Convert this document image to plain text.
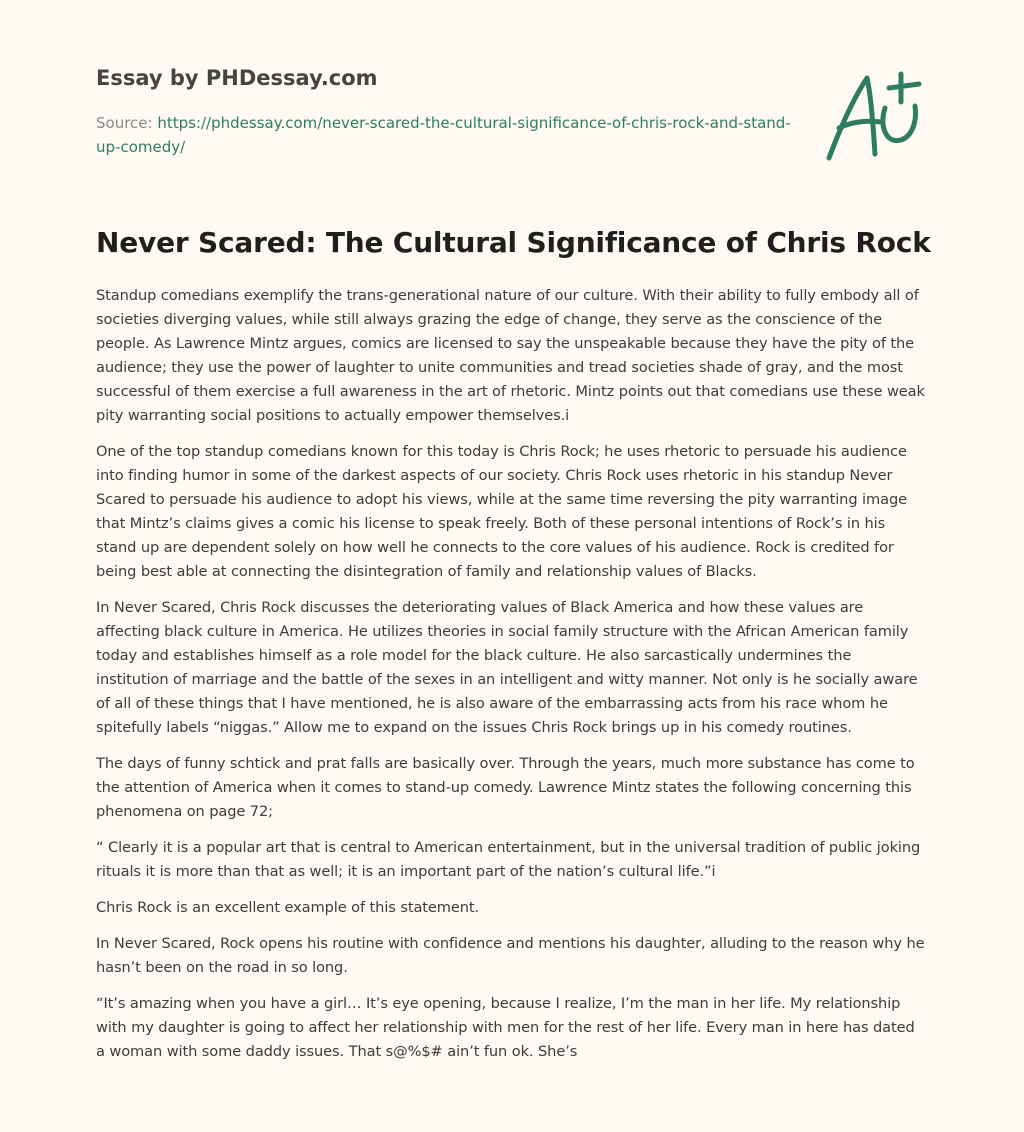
Essay by PHDessay.com
Source: https://phdessay.com/never-scared-the-cultural-significance-of-chris-rock-and-stand-up-comedy/
Never Scared: The Cultural Significance of Chris Rock

Standup comedians exemplify the trans-generational nature of our culture. With their ability to fully embody all of societies diverging values, while still always grazing the edge of change, they serve as the conscience of the people. As Lawrence Mintz argues, comics are licensed to say the unspeakable because they have the pity of the audience; they use the power of laughter to unite communities and tread societies shade of gray, and the most successful of them exercise a full awareness in the art of rhetoric. Mintz points out that comedians use these weak pity warranting social positions to actually empower themselves.i

One of the top standup comedians known for this today is Chris Rock; he uses rhetoric to persuade his audience into finding humor in some of the darkest aspects of our society. Chris Rock uses rhetoric in his standup Never Scared to persuade his audience to adopt his views, while at the same time reversing the pity warranting image that Mintz’s claims gives a comic his license to speak freely. Both of these personal intentions of Rock’s in his stand up are dependent solely on how well he connects to the core values of his audience. Rock is credited for being best able at connecting the disintegration of family and relationship values of Blacks.

In Never Scared, Chris Rock discusses the deteriorating values of Black America and how these values are affecting black culture in America. He utilizes theories in social family structure with the African American family today and establishes himself as a role model for the black culture. He also sarcastically undermines the institution of marriage and the battle of the sexes in an intelligent and witty manner. Not only is he socially aware of all of these things that I have mentioned, he is also aware of the embarrassing acts from his race whom he spitefully labels “niggas.” Allow me to expand on the issues Chris Rock brings up in his comedy routines.

The days of funny schtick and prat falls are basically over. Through the years, much more substance has come to the attention of America when it comes to stand-up comedy. Lawrence Mintz states the following concerning this phenomena on page 72;

“ Clearly it is a popular art that is central to American entertainment, but in the universal tradition of public joking rituals it is more than that as well; it is an important part of the nation’s cultural life.”i

Chris Rock is an excellent example of this statement.

In Never Scared, Rock opens his routine with confidence and mentions his daughter, alluding to the reason why he hasn’t been on the road in so long.

“It’s amazing when you have a girl… It’s eye opening, because I realize, I’m the man in her life. My relationship with my daughter is going to affect her relationship with men for the rest of her life. Every man in here has dated a woman with some daddy issues. That s@%$# ain’t fun ok. She’s
